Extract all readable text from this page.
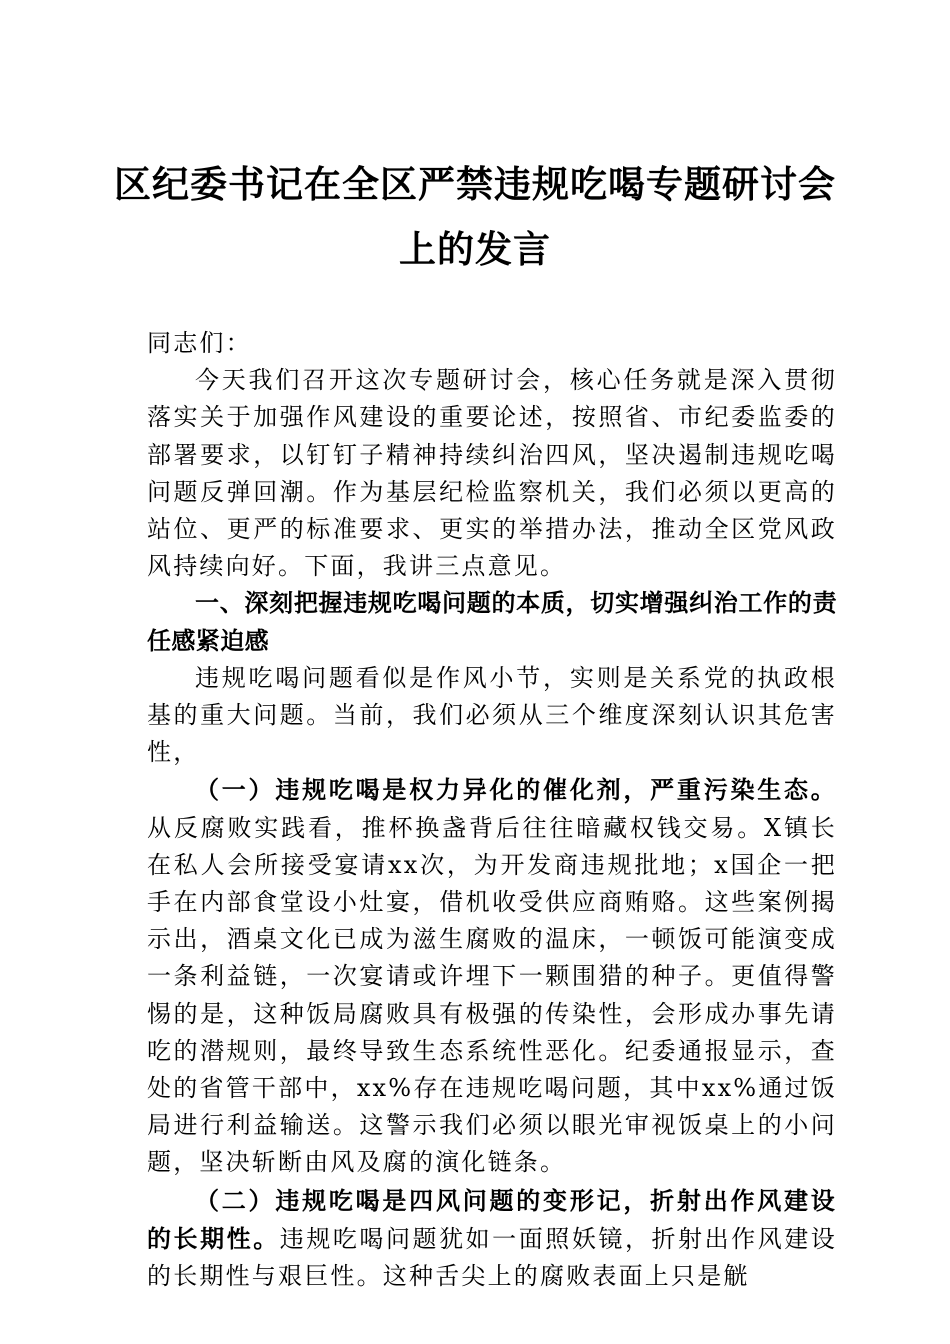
区纪委书记在全区严禁违规吃喝专题研讨会上的发言

同志们：

今天我们召开这次专题研讨会，核心任务就是深入贯彻落实关于加强作风建设的重要论述，按照省、市纪委监委的部署要求，以钉钉子精神持续纠治四风，坚决遏制违规吃喝问题反弹回潮。作为基层纪检监察机关，我们必须以更高的站位、更严的标准要求、更实的举措办法，推动全区党风政风持续向好。下面，我讲三点意见。

一、深刻把握违规吃喝问题的本质，切实增强纠治工作的责任感紧迫感

违规吃喝问题看似是作风小节，实则是关系党的执政根基的重大问题。当前，我们必须从三个维度深刻认识其危害性，

（一）违规吃喝是权力异化的催化剂，严重污染生态。从反腐败实践看，推杯换盏背后往往暗藏权钱交易。X镇长在私人会所接受宴请xx次，为开发商违规批地；x国企一把手在内部食堂设小灶宴，借机收受供应商贿赂。这些案例揭示出，酒桌文化已成为滋生腐败的温床，一顿饭可能演变成一条利益链，一次宴请或许埋下一颗围猎的种子。更值得警惕的是，这种饭局腐败具有极强的传染性，会形成办事先请吃的潜规则，最终导致生态系统性恶化。纪委通报显示，查处的省管干部中，xx%存在违规吃喝问题，其中xx%通过饭局进行利益输送。这警示我们必须以眼光审视饭桌上的小问题，坚决斩断由风及腐的演化链条。

（二）违规吃喝是四风问题的变形记，折射出作风建设的长期性。违规吃喝问题犹如一面照妖镜，折射出作风建设的长期性与艰巨性。这种舌尖上的腐败表面上只是觥
